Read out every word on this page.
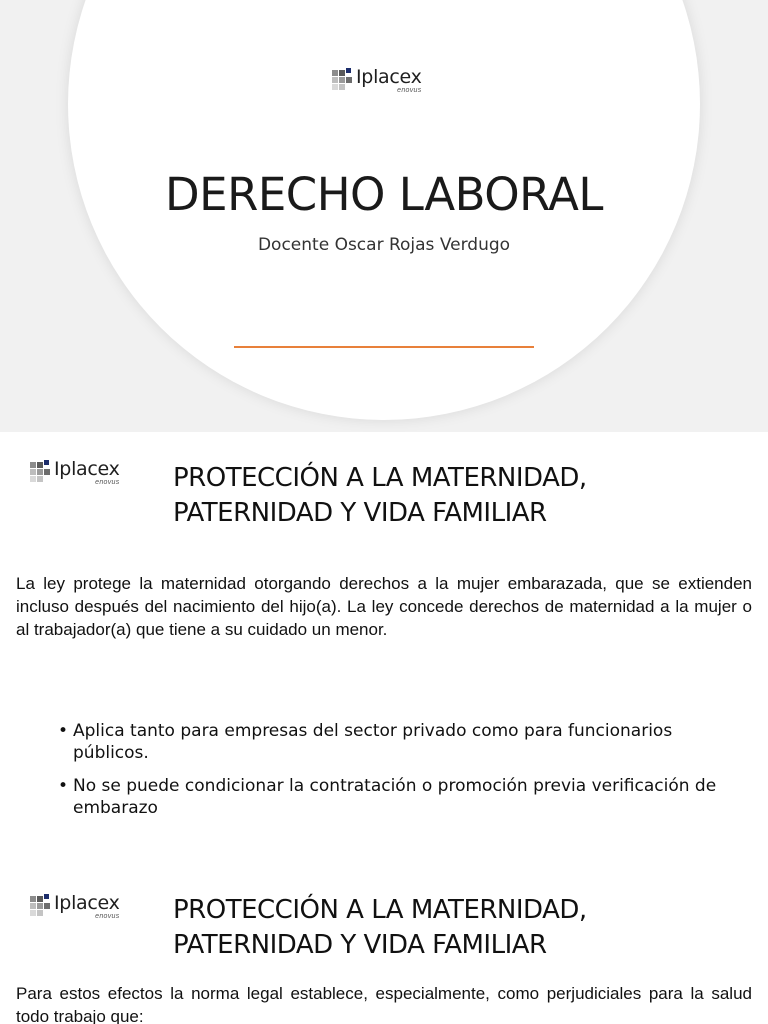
Iplacex
enovus
DERECHO LABORAL
Docente Oscar Rojas Verdugo
Iplacex
enovus PROTECCIÓN A LA MATERNIDAD,
PATERNIDAD Y VIDA FAMILIAR

La ley protege la maternidad otorgando derechos a la mujer embarazada, que se extienden incluso después del nacimiento del hijo(a). La ley concede derechos de maternidad a la mujer o al trabajador(a) que tiene a su cuidado un menor.

• Aplica tanto para empresas del sector privado como para funcionarios públicos.
• No se puede condicionar la contratación o promoción previa verificación de embarazo
Iplacex
enovus PROTECCIÓN A LA MATERNIDAD,
PATERNIDAD Y VIDA FAMILIAR

Para estos efectos la norma legal establece, especialmente, como perjudiciales para la salud todo trabajo que:
